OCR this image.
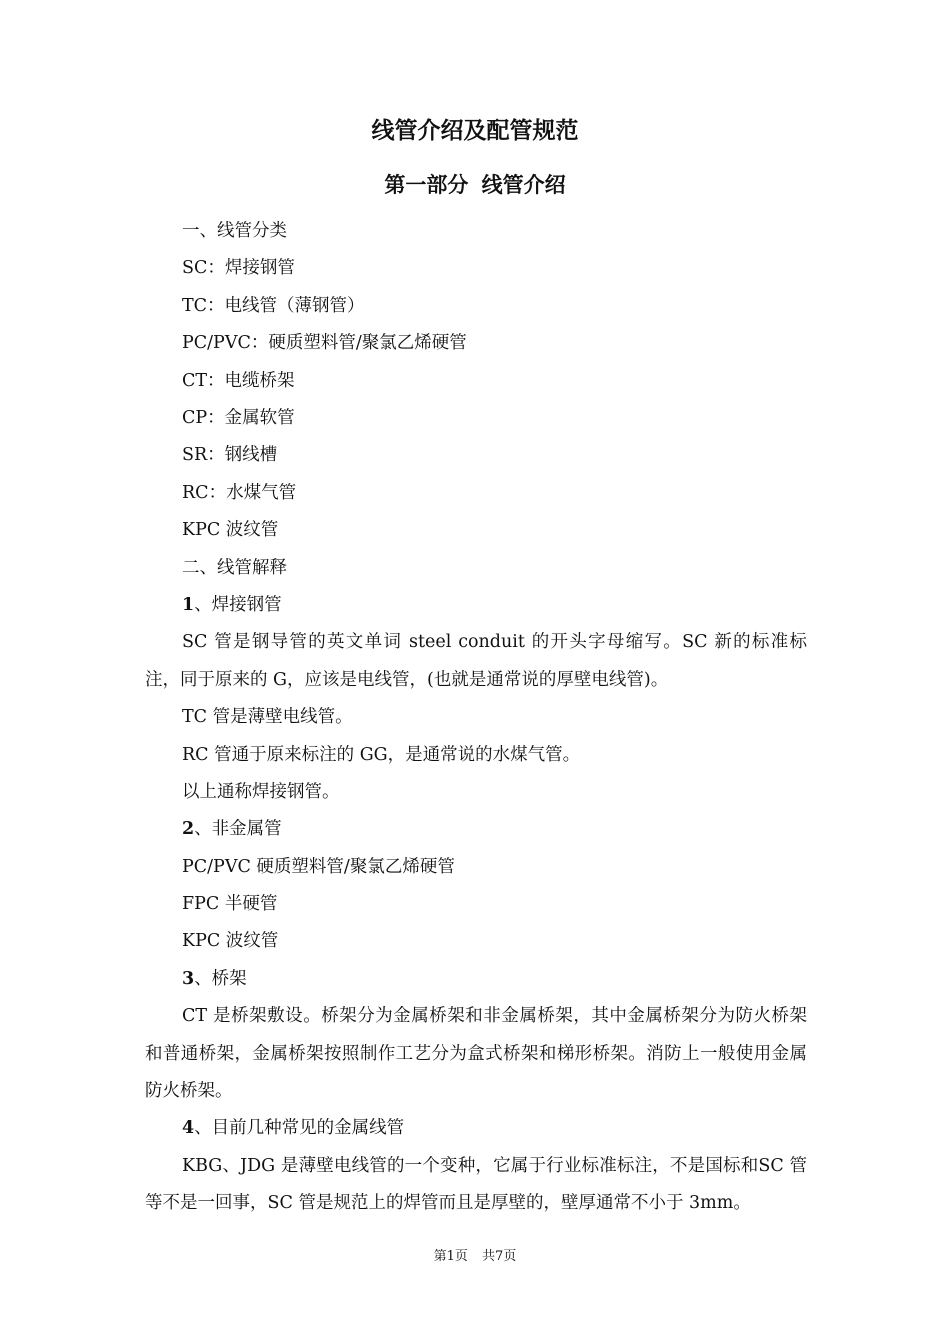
线管介绍及配管规范
第一部分 线管介绍

一、线管分类

SC：焊接钢管

TC：电线管（薄钢管）

PC/PVC：硬质塑料管/聚氯乙烯硬管

CT：电缆桥架

CP：金属软管

SR：钢线槽

RC：水煤气管

KPC 波纹管

二、线管解释

1、焊接钢管

SC 管是钢导管的英文单词 steel conduit 的开头字母缩写。SC 新的标准标注，同于原来的 G，应该是电线管，(也就是通常说的厚壁电线管)。

TC 管是薄壁电线管。

RC 管通于原来标注的 GG，是通常说的水煤气管。

以上通称焊接钢管。

2、非金属管

PC/PVC 硬质塑料管/聚氯乙烯硬管

FPC 半硬管

KPC 波纹管

3、桥架

CT 是桥架敷设。桥架分为金属桥架和非金属桥架，其中金属桥架分为防火桥架和普通桥架，金属桥架按照制作工艺分为盒式桥架和梯形桥架。消防上一般使用金属防火桥架。

4、目前几种常见的金属线管

KBG、JDG 是薄壁电线管的一个变种，它属于行业标准标注，不是国标和SC 管等不是一回事，SC 管是规范上的焊管而且是厚壁的，壁厚通常不小于 3mm。

第1页 共7页
